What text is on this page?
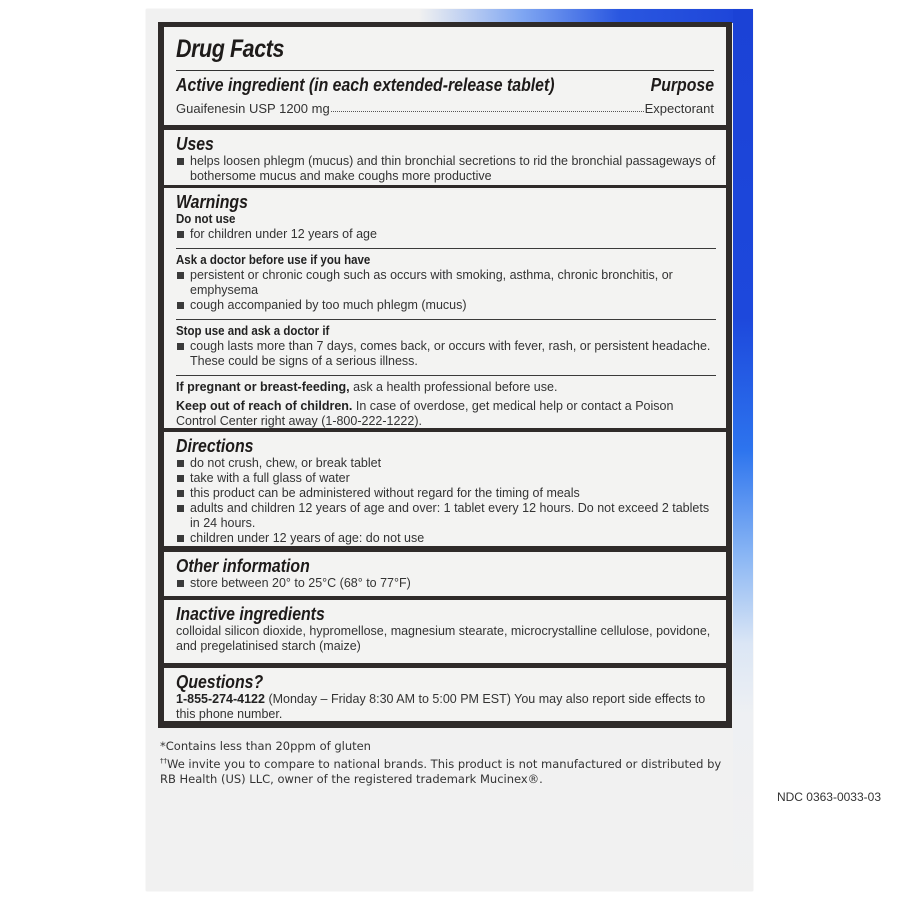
Drug Facts
Active ingredient (in each extended-release tablet)	Purpose
Guaifenesin USP 1200 mg	Expectorant
Uses
helps loosen phlegm (mucus) and thin bronchial secretions to rid the bronchial passageways of bothersome mucus and make coughs more productive
Warnings
Do not use
for children under 12 years of age
Ask a doctor before use if you have
persistent or chronic cough such as occurs with smoking, asthma, chronic bronchitis, or emphysema
cough accompanied by too much phlegm (mucus)
Stop use and ask a doctor if
cough lasts more than 7 days, comes back, or occurs with fever, rash, or persistent headache. These could be signs of a serious illness.
If pregnant or breast-feeding, ask a health professional before use.
Keep out of reach of children. In case of overdose, get medical help or contact a Poison Control Center right away (1-800-222-1222).
Directions
do not crush, chew, or break tablet
take with a full glass of water
this product can be administered without regard for the timing of meals
adults and children 12 years of age and over: 1 tablet every 12 hours. Do not exceed 2 tablets in 24 hours.
children under 12 years of age: do not use
Other information
store between 20° to 25°C (68° to 77°F)
Inactive ingredients
colloidal silicon dioxide, hypromellose, magnesium stearate, microcrystalline cellulose, povidone, and pregelatinised starch (maize)
Questions?
1-855-274-4122 (Monday – Friday 8:30 AM to 5:00 PM EST) You may also report side effects to this phone number.
*Contains less than 20ppm of gluten
††We invite you to compare to national brands. This product is not manufactured or distributed by RB Health (US) LLC, owner of the registered trademark Mucinex®.
NDC 0363-0033-03
